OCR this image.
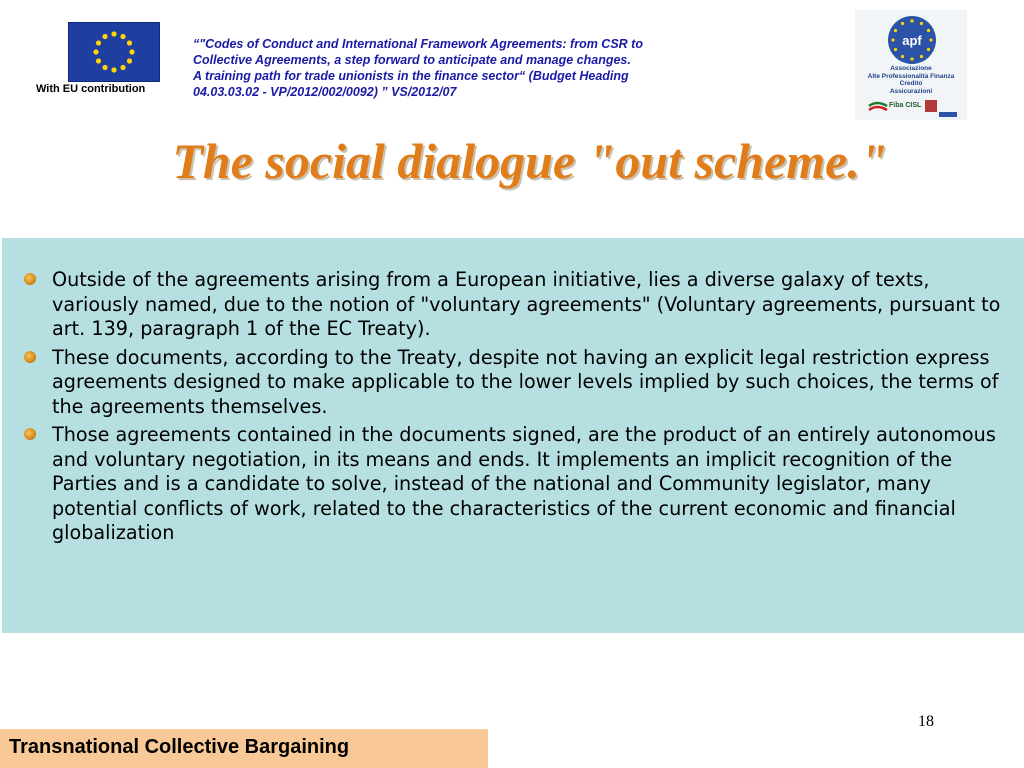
With EU contribution
“"Codes of Conduct and International Framework Agreements: from CSR to
Collective Agreements, a step forward to anticipate and manage changes.
A training path for trade unionists in the finance sector“ (Budget Heading
04.03.03.02 - VP/2012/002/0092) ” VS/2012/07
apf
Associazione
Alte Professionalità Finanza
Credito
Assicurazioni
Fiba CISL
The social dialogue "out scheme."
Outside of the agreements arising from a European initiative, lies a diverse galaxy of texts, variously named, due to the notion of "voluntary agreements" (Voluntary agreements, pursuant to art. 139, paragraph 1 of the EC Treaty).
These documents, according to the Treaty, despite not having an explicit legal restriction express agreements designed to make applicable to the lower levels implied by such choices, the terms of the agreements themselves.
Those agreements contained in the documents signed, are the product of an entirely autonomous and voluntary negotiation, in its means and ends. It implements an implicit recognition of the Parties and is a candidate to solve, instead of the national and Community legislator, many potential conflicts of work, related to the characteristics of the current economic and financial globalization
18
Transnational Collective Bargaining
